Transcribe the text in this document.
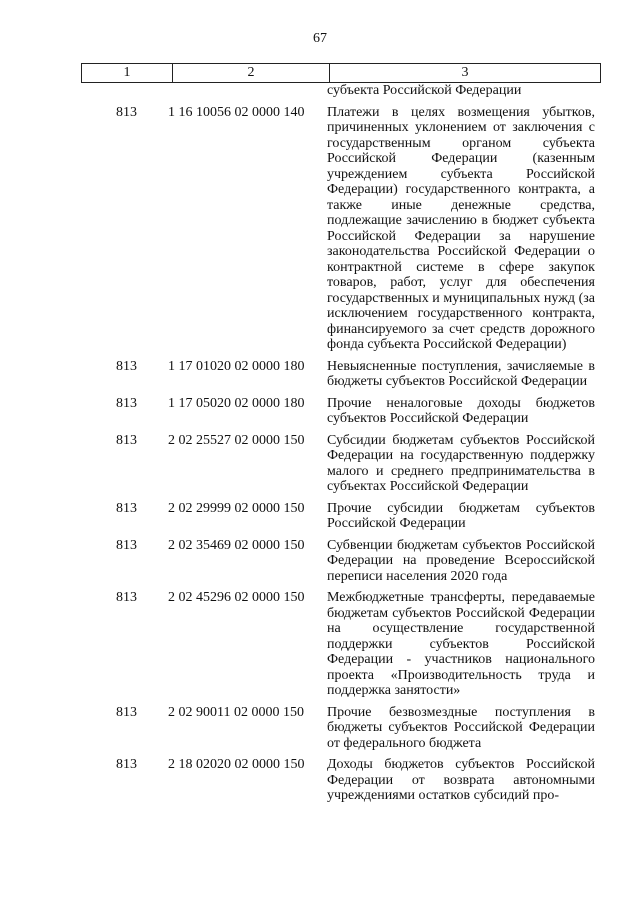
67
1	2	3
субъекта Российской Федерации
813	1 16 10056 02 0000 140	Платежи в целях возмещения убытков, причиненных уклонением от заключения с государственным органом субъекта Российской Федерации (казенным учреждением субъекта Российской Федерации) государственного контракта, а также иные денежные средства, подлежащие зачислению в бюджет субъекта Российской Федерации за нарушение законодательства Российской Федерации о контрактной системе в сфере закупок товаров, работ, услуг для обеспечения государственных и муниципальных нужд (за исключением государственного контракта, финансируемого за счет средств дорожного фонда субъекта Российской Федерации)
813	1 17 01020 02 0000 180	Невыясненные поступления, зачисляемые в бюджеты субъектов Российской Федерации
813	1 17 05020 02 0000 180	Прочие неналоговые доходы бюджетов субъектов Российской Федерации
813	2 02 25527 02 0000 150	Субсидии бюджетам субъектов Российской Федерации на государственную поддержку малого и среднего предпринимательства в субъектах Российской Федерации
813	2 02 29999 02 0000 150	Прочие субсидии бюджетам субъектов Российской Федерации
813	2 02 35469 02 0000 150	Субвенции бюджетам субъектов Российской Федерации на проведение Всероссийской переписи населения 2020 года
813	2 02 45296 02 0000 150	Межбюджетные трансферты, передаваемые бюджетам субъектов Российской Федерации на осуществление государственной поддержки субъектов Российской Федерации - участников национального проекта «Производительность труда и поддержка занятости»
813	2 02 90011 02 0000 150	Прочие безвозмездные поступления в бюджеты субъектов Российской Федерации от федерального бюджета
813	2 18 02020 02 0000 150	Доходы бюджетов субъектов Российской Федерации от возврата автономными учреждениями остатков субсидий про-
